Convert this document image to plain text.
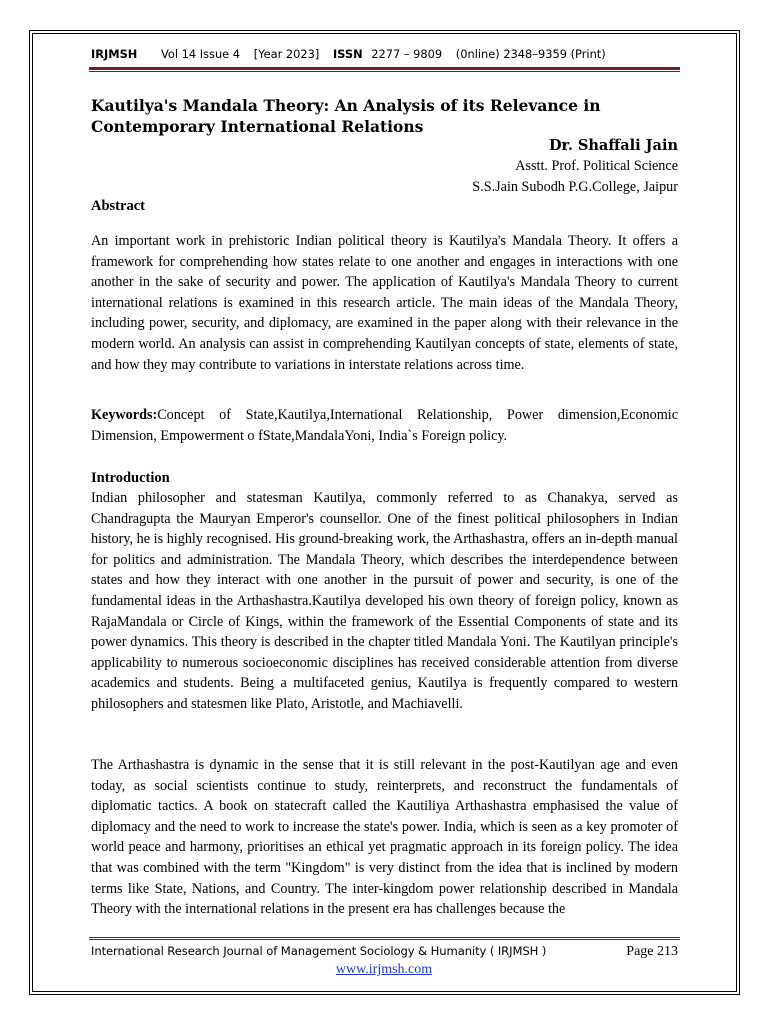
IRJMSH Vol 14 Issue 4 [Year 2023] ISSN 2277 – 9809 (0nline) 2348–9359 (Print)
Kautilya's Mandala Theory: An Analysis of its Relevance in Contemporary International Relations
Dr. Shaffali Jain
Asstt. Prof. Political Science
S.S.Jain Subodh P.G.College, Jaipur
Abstract

An important work in prehistoric Indian political theory is Kautilya's Mandala Theory. It offers a framework for comprehending how states relate to one another and engages in interactions with one another in the sake of security and power. The application of Kautilya's Mandala Theory to current international relations is examined in this research article. The main ideas of the Mandala Theory, including power, security, and diplomacy, are examined in the paper along with their relevance in the modern world. An analysis can assist in comprehending Kautilyan concepts of state, elements of state, and how they may contribute to variations in interstate relations across time.

Keywords:Concept of State,Kautilya,International Relationship, Power dimension,Economic Dimension, Empowerment o fState,MandalaYoni, India`s Foreign policy.

Introduction

Indian philosopher and statesman Kautilya, commonly referred to as Chanakya, served as Chandragupta the Mauryan Emperor's counsellor. One of the finest political philosophers in Indian history, he is highly recognised. His ground-breaking work, the Arthashastra, offers an in-depth manual for politics and administration. The Mandala Theory, which describes the interdependence between states and how they interact with one another in the pursuit of power and security, is one of the fundamental ideas in the Arthashastra.Kautilya developed his own theory of foreign policy, known as RajaMandala or Circle of Kings, within the framework of the Essential Components of state and its power dynamics. This theory is described in the chapter titled Mandala Yoni. The Kautilyan principle's applicability to numerous socioeconomic disciplines has received considerable attention from diverse academics and students. Being a multifaceted genius, Kautilya is frequently compared to western philosophers and statesmen like Plato, Aristotle, and Machiavelli.

The Arthashastra is dynamic in the sense that it is still relevant in the post-Kautilyan age and even today, as social scientists continue to study, reinterprets, and reconstruct the fundamentals of diplomatic tactics. A book on statecraft called the Kautiliya Arthashastra emphasised the value of diplomacy and the need to work to increase the state's power. India, which is seen as a key promoter of world peace and harmony, prioritises an ethical yet pragmatic approach in its foreign policy. The idea that was combined with the term "Kingdom" is very distinct from the idea that is inclined by modern terms like State, Nations, and Country. The inter-kingdom power relationship described in Mandala Theory with the international relations in the present era has challenges because the

International Research Journal of Management Sociology & Humanity ( IRJMSH )	Page 213
www.irjmsh.com
